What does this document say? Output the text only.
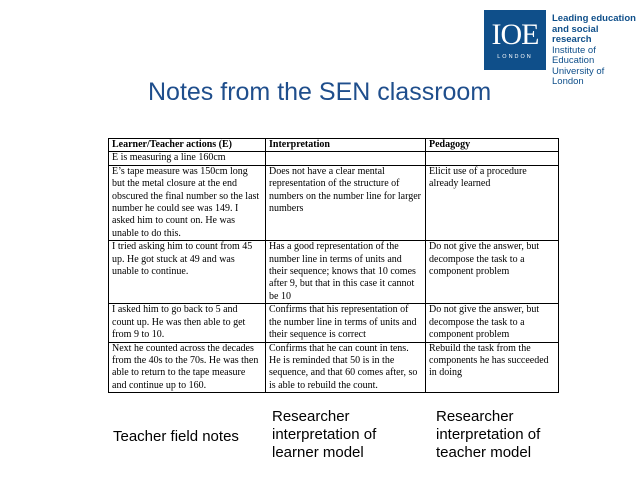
IOE
LONDON
Leading education
and social research
Institute of Education
University of London
Notes from the SEN classroom
Learner/Teacher actions (E)	Interpretation	Pedagogy
E is measuring a line 160cm		
E’s tape measure was 150cm long but the metal closure at the end obscured the final number so the last number he could see was 149. I asked him to count on. He was unable to do this.	Does not have a clear mental representation of the structure of numbers on the number line for larger numbers	Elicit use of a procedure already learned
I tried asking him to count from 45 up. He got stuck at 49 and was unable to continue.	Has a good representation of the number line in terms of units and their sequence; knows that 10 comes after 9, but that in this case it cannot be 10	Do not give the answer, but decompose the task to a component problem
I asked him to go back to 5 and count up. He was then able to get from 9 to 10.	Confirms that his representation of the number line in terms of units and their sequence is correct	Do not give the answer, but decompose the task to a component problem
Next he counted across the decades from the 40s to the 70s. He was then able to return to the tape measure and continue up to 160.	Confirms that he can count in tens. He is reminded that 50 is in the sequence, and that 60 comes after, so is able to rebuild the count.	Rebuild the task from the components he has succeeded in doing
Teacher field notes
Researcher interpretation of learner model
Researcher interpretation of teacher model
